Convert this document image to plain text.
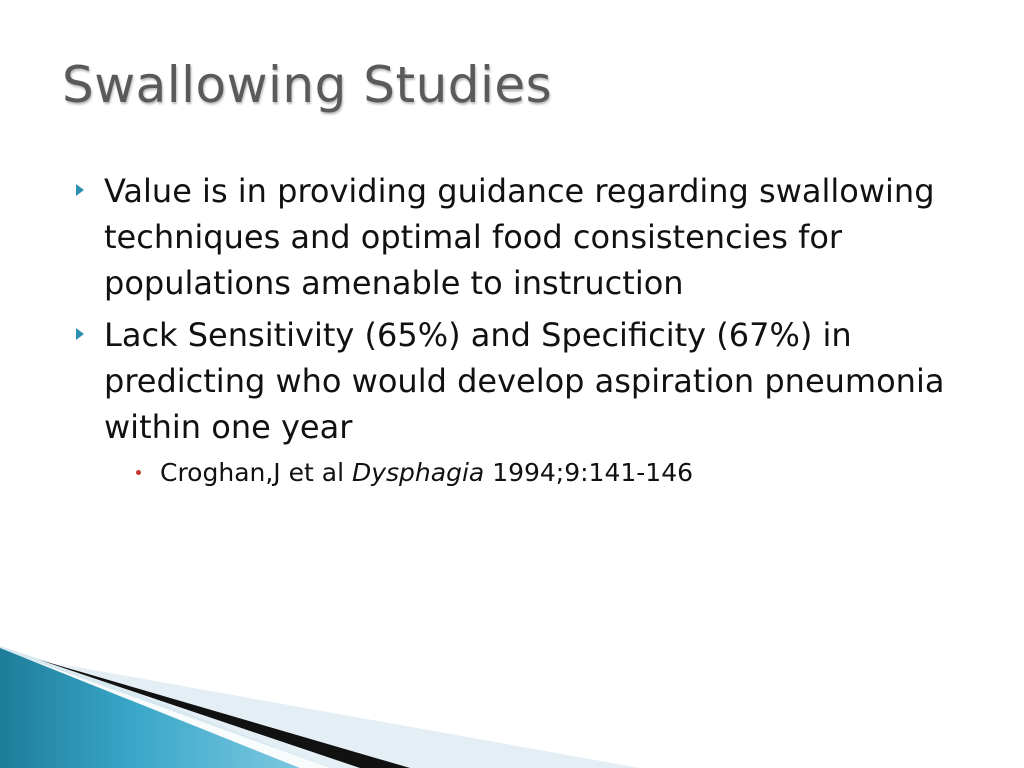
Swallowing Studies
Value is in providing guidance regarding swallowing techniques and optimal food consistencies for populations amenable to instruction
Lack Sensitivity (65%) and Specificity (67%) in predicting who would develop aspiration pneumonia within one year
Croghan,J et al Dysphagia 1994;9:141-146
